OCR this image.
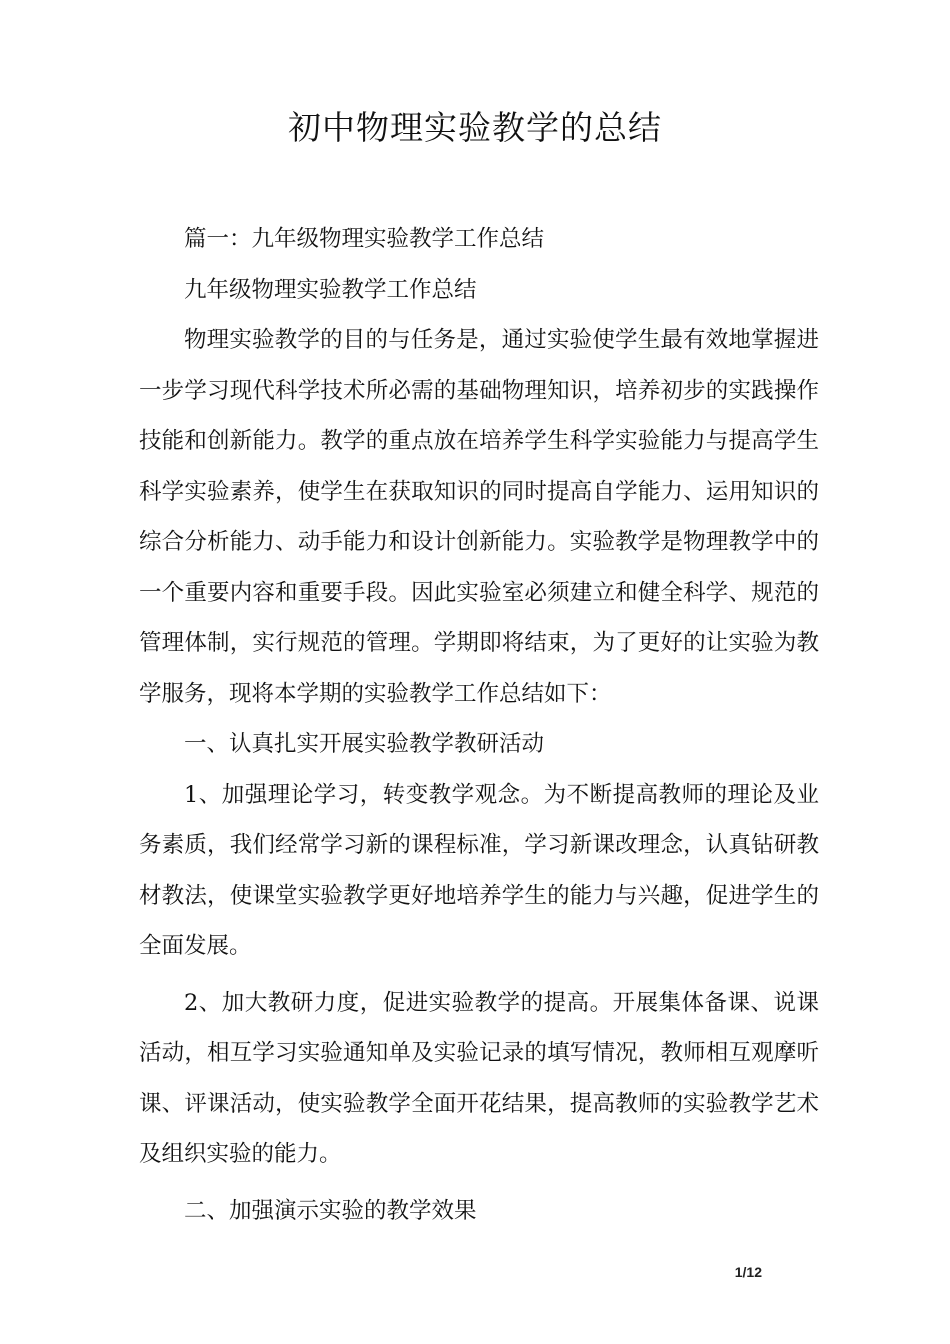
初中物理实验教学的总结

篇一：九年级物理实验教学工作总结

九年级物理实验教学工作总结

物理实验教学的目的与任务是，通过实验使学生最有效地掌握进一步学习现代科学技术所必需的基础物理知识，培养初步的实践操作技能和创新能力。教学的重点放在培养学生科学实验能力与提高学生科学实验素养，使学生在获取知识的同时提高自学能力、运用知识的综合分析能力、动手能力和设计创新能力。实验教学是物理教学中的一个重要内容和重要手段。因此实验室必须建立和健全科学、规范的管理体制，实行规范的管理。学期即将结束，为了更好的让实验为教学服务，现将本学期的实验教学工作总结如下：

一、认真扎实开展实验教学教研活动

1、加强理论学习，转变教学观念。为不断提高教师的理论及业务素质，我们经常学习新的课程标准，学习新课改理念，认真钻研教材教法，使课堂实验教学更好地培养学生的能力与兴趣，促进学生的全面发展。

2、加大教研力度，促进实验教学的提高。开展集体备课、说课活动，相互学习实验通知单及实验记录的填写情况，教师相互观摩听课、评课活动，使实验教学全面开花结果，提高教师的实验教学艺术及组织实验的能力。

二、加强演示实验的教学效果

1/12
